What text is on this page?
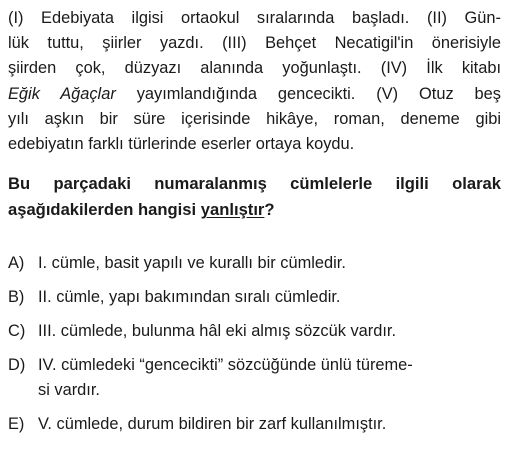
(I) Edebiyata ilgisi ortaokul sıralarında başladı. (II) Gün-
lük tuttu, şiirler yazdı. (III) Behçet Necatigil'in önerisiyle
şiirden çok, düzyazı alanında yoğunlaştı. (IV) İlk kitabı
Eğik Ağaçlar yayımlandığında gencecikti. (V) Otuz beş
yılı aşkın bir süre içerisinde hikâye, roman, deneme gibi
edebiyatın farklı türlerinde eserler ortaya koydu.
Bu parçadaki numaralanmış cümlelerle ilgili olarak
aşağıdakilerden hangisi yanlıştır?
A) I. cümle, basit yapılı ve kurallı bir cümledir.
B) II. cümle, yapı bakımından sıralı cümledir.
C) III. cümlede, bulunma hâl eki almış sözcük vardır.
D) IV. cümledeki “gencecikti” sözcüğünde ünlü türeme-
si vardır.
E) V. cümlede, durum bildiren bir zarf kullanılmıştır.
